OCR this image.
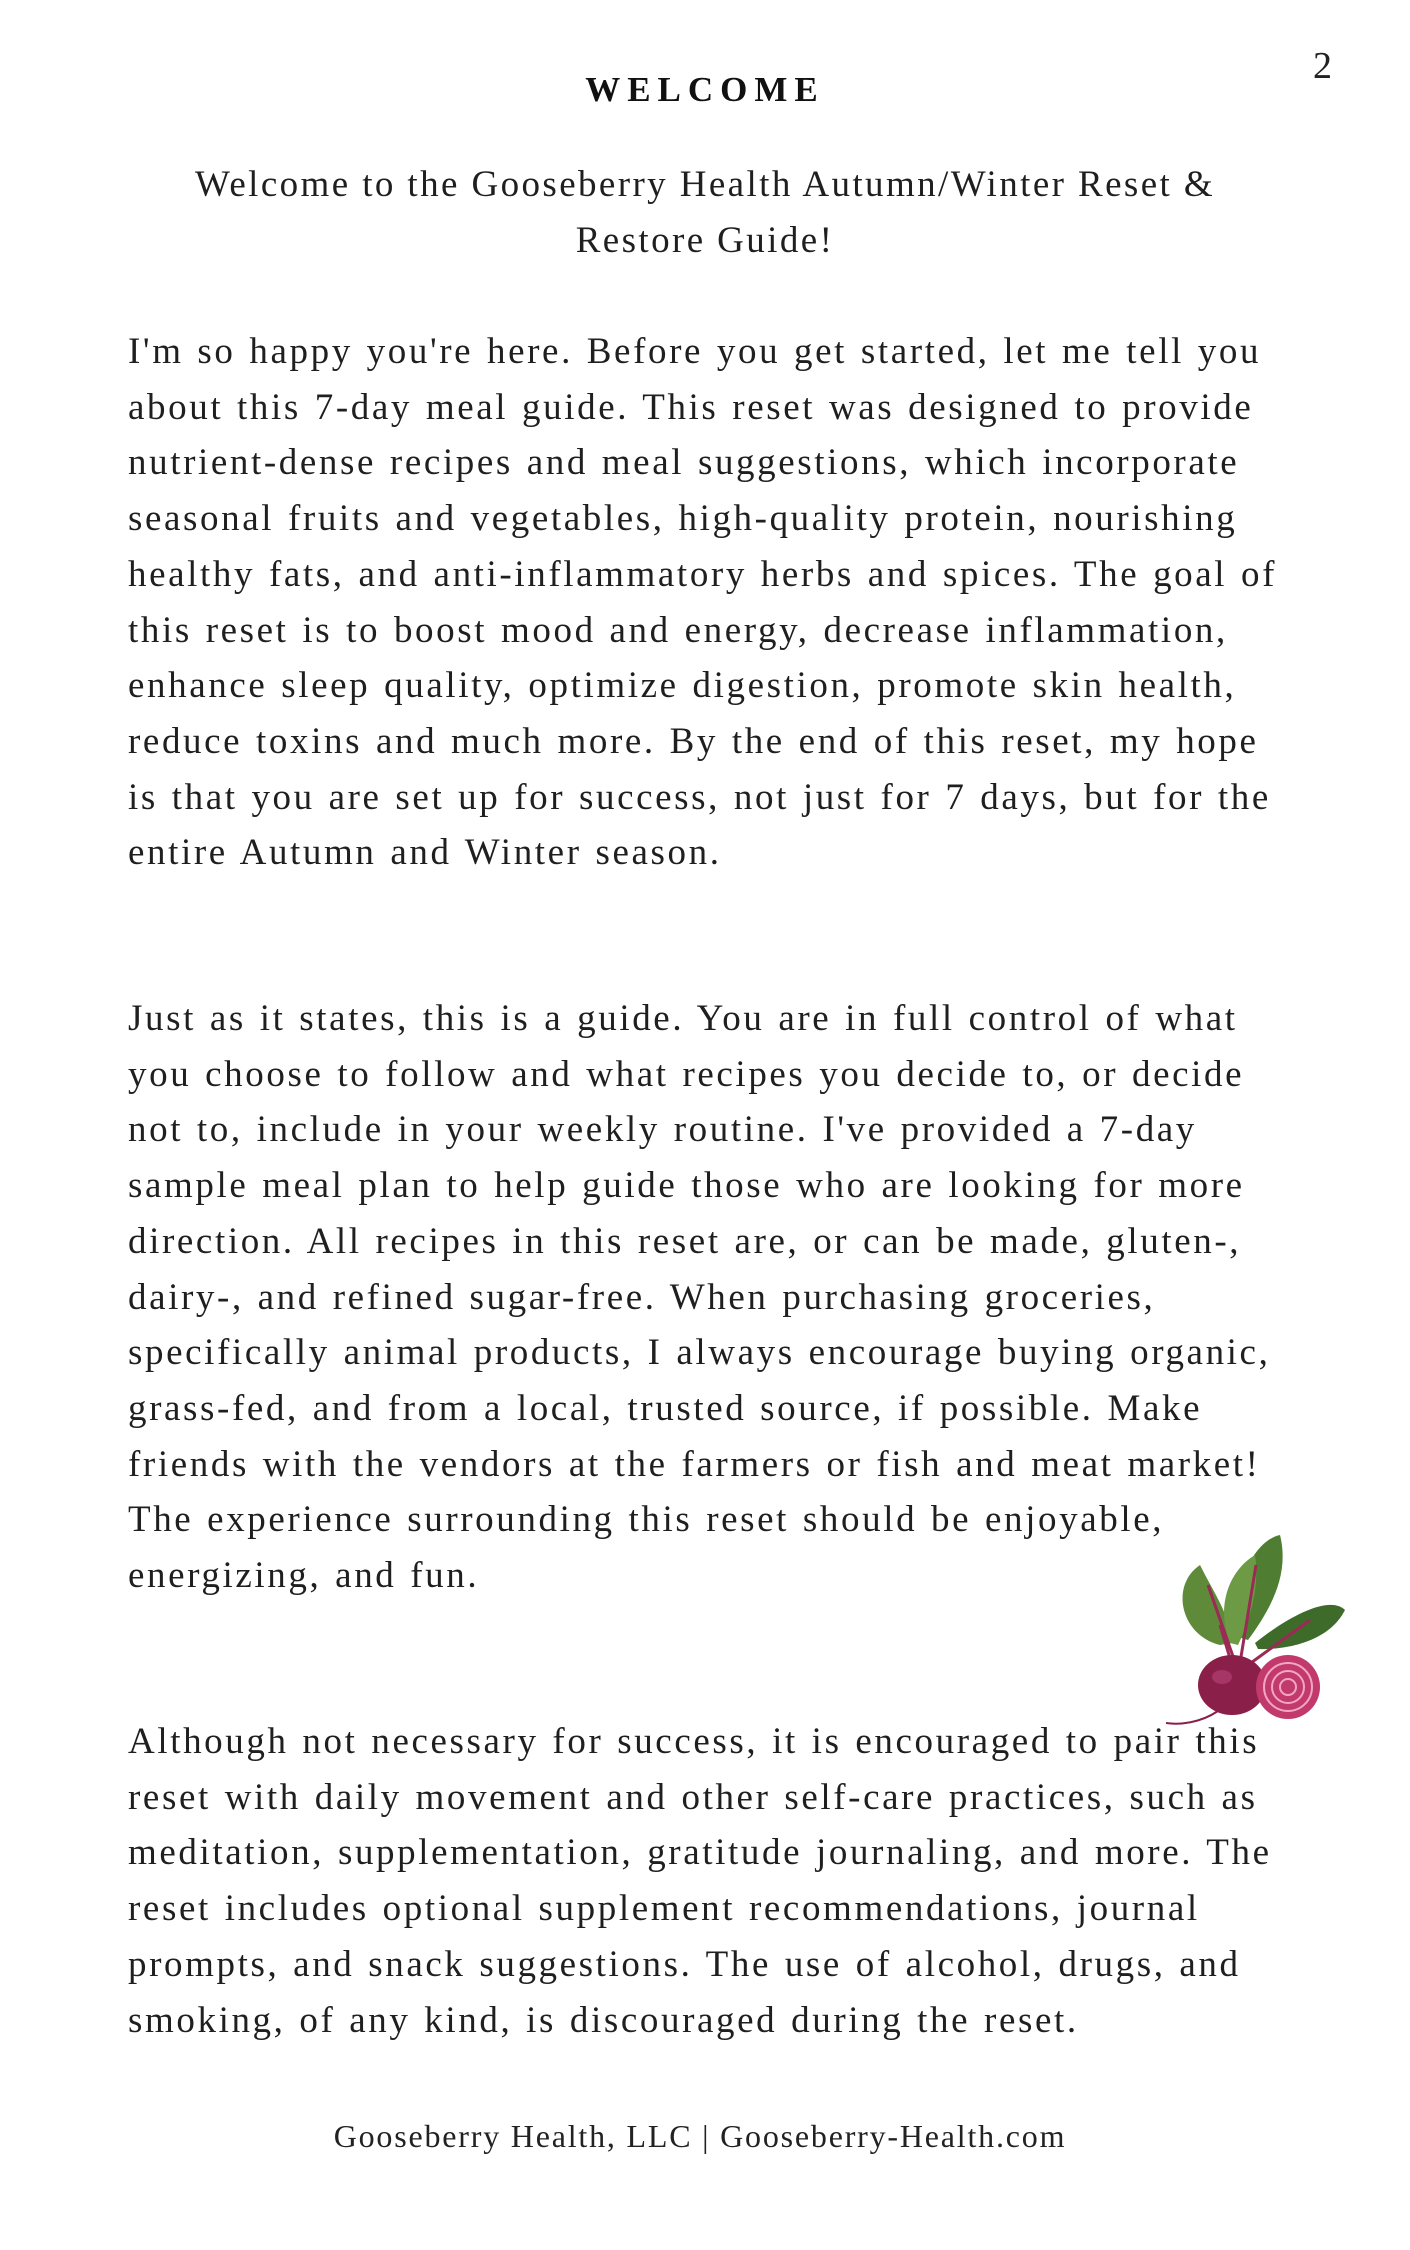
2
WELCOME

Welcome to the Gooseberry Health Autumn/Winter Reset & Restore Guide!

I'm so happy you're here. Before you get started, let me tell you about this 7-day meal guide. This reset was designed to provide nutrient-dense recipes and meal suggestions, which incorporate seasonal fruits and vegetables, high-quality protein, nourishing healthy fats, and anti-inflammatory herbs and spices. The goal of this reset is to boost mood and energy, decrease inflammation, enhance sleep quality, optimize digestion, promote skin health, reduce toxins and much more. By the end of this reset, my hope is that you are set up for success, not just for 7 days, but for the entire Autumn and Winter season.

Just as it states, this is a guide. You are in full control of what you choose to follow and what recipes you decide to, or decide not to, include in your weekly routine. I've provided a 7-day sample meal plan to help guide those who are looking for more direction. All recipes in this reset are, or can be made, gluten-, dairy-, and refined sugar-free. When purchasing groceries, specifically animal products, I always encourage buying organic, grass-fed, and from a local, trusted source, if possible. Make friends with the vendors at the farmers or fish and meat market! The experience surrounding this reset should be enjoyable, energizing, and fun.

Although not necessary for success, it is encouraged to pair this reset with daily movement and other self-care practices, such as meditation, supplementation, gratitude journaling, and more. The reset includes optional supplement recommendations, journal prompts, and snack suggestions. The use of alcohol, drugs, and smoking, of any kind, is discouraged during the reset.

Gooseberry Health, LLC | Gooseberry-Health.com
